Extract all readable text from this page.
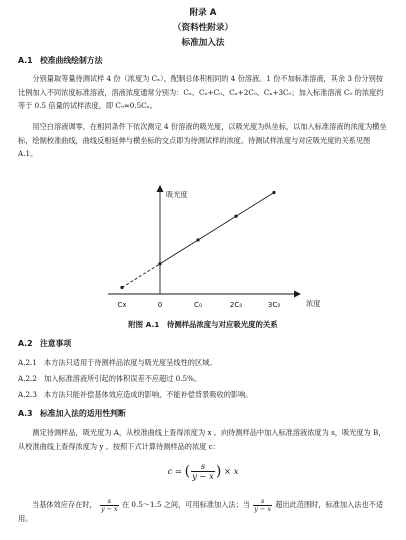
附录 A
（资料性附录）
标准加入法
A.1 校准曲线绘制方法
分别量取等量待测试样 4 份（浓度为 Cₓ），配制总体积相同的 4 份溶液。1 份不加标准溶液，其余 3 份分别按比例加入不同浓度标准溶液，溶液浓度通常分别为：Cₓ、Cₓ+C₀、Cₓ+2C₀、Cₓ+3C₀；加入标准溶液 C₀ 的浓度约等于 0.5 倍量的试样浓度，即 C₀≈0.5Cₓ。
用空白溶液调零，在相同条件下依次测定 4 份溶液的吸光度，以吸光度为纵坐标，以加入标准溶液的浓度为横坐标，绘制校准曲线，曲线反相延伸与横坐标的交点即为待测试样的浓度。待测试样浓度与对应吸光度的关系见图 A.1。
吸光度
浓度
Cx	0	C₀	2C₀	3C₀
附图 A.1　待测样品浓度与对应吸光度的关系
A.2 注意事项
A.2.1 本方法只适用于待测样品浓度与吸光度呈线性的区域。
A.2.2 加入标准溶液所引起的体积误差不应超过 0.5%。
A.2.3 本方法只能补偿基体效应造成的影响，不能补偿背景吸收的影响。
A.3 标准加入法的适用性判断
测定待测样品，吸光度为 A，从校准曲线上查得浓度为 x 。向待测样品中加入标准溶液浓度为 s，吸光度为 B，从校准曲线上查得浓度为 y 。按照下式计算待测样品的浓度 c：
c = ( $\frac{s}{y - x}$ ) × x
当基体效应存在时， $\frac{s}{y - x}$ 在 0.5～1.5 之间，可用标准加入法；当 $\frac{s}{y - x}$ 超出此范围时，标准加入法也不适用。
